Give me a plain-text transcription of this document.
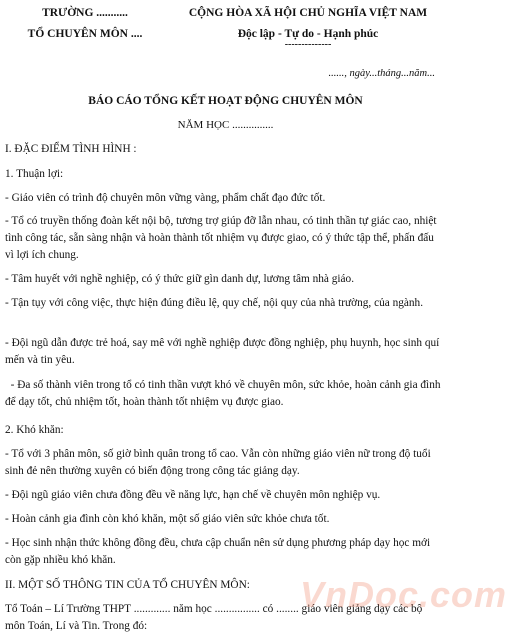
TRƯỜNG ...........
TỔ CHUYÊN MÔN ....
CỘNG HÒA XÃ HỘI CHỦ NGHĨA VIỆT NAM
Độc lập - Tự do - Hạnh phúc
--------------
......, ngày...tháng...năm...
BÁO CÁO TỔNG KẾT HOẠT ĐỘNG CHUYÊN MÔN
NĂM HỌC ...............

I. ĐẶC ĐIỂM TÌNH HÌNH :

1. Thuận lợi:

- Giáo viên có trình độ chuyên môn vững vàng, phẩm chất đạo đức tốt.

- Tổ có truyền thống đoàn kết nội bộ, tương trợ giúp đỡ lẫn nhau, có tinh thần tự giác cao, nhiệt tình công tác, sẵn sàng nhận và hoàn thành tốt nhiệm vụ được giao, có ý thức tập thể, phấn đấu vì lợi ích chung.

- Tâm huyết với nghề nghiệp, có ý thức giữ gìn danh dự, lương tâm nhà giáo.

- Tận tụy với công việc, thực hiện đúng điều lệ, quy chế, nội quy của nhà trường, của ngành.

- Đội ngũ dẫn được trẻ hoá, say mê với nghề nghiệp được đồng nghiệp, phụ huynh, học sinh quí mến và tin yêu.

- Đa số thành viên trong tổ có tinh thần vượt khó về chuyên môn, sức khỏe, hoàn cảnh gia đình để dạy tốt, chủ nhiệm tốt, hoàn thành tốt nhiệm vụ được giao.

2. Khó khăn:

- Tổ với 3 phân môn, số giờ bình quân trong tổ cao. Vẫn còn những giáo viên nữ trong độ tuổi sinh đẻ nên thường xuyên có biến động trong công tác giảng dạy.

- Đội ngũ giáo viên chưa đồng đều về năng lực, hạn chế về chuyên môn nghiệp vụ.

- Hoàn cảnh gia đình còn khó khăn, một số giáo viên sức khỏe chưa tốt.

- Học sinh nhận thức không đồng đều, chưa cập chuẩn nên sử dụng phương pháp dạy học mới còn gặp nhiều khó khăn.

II. MỘT SỐ THÔNG TIN CỦA TỔ CHUYÊN MÔN:

Tổ Toán – Lí Trường THPT ............. năm học ................ có ........ giáo viên giảng dạy các bộ môn Toán, Lí và Tin. Trong đó:

VnDoc.com
